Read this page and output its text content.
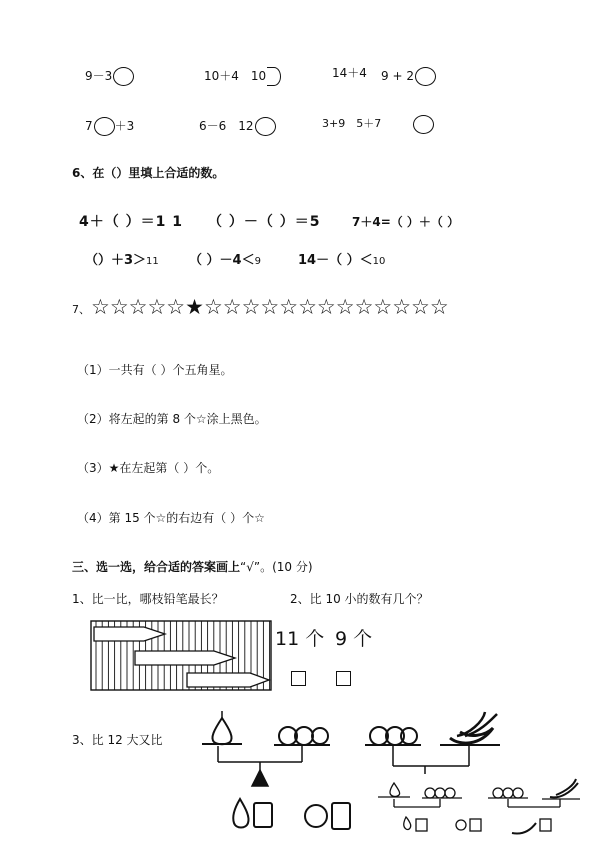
9－3	10＋4　10	14＋4 9 + 2
7 ＋3	6－6　12	3+9　5＋7
6、在（）里填上合适的数。
4＋（ ）＝1 1 （ ）－（ ）＝5	7＋4=（ ）＋（ ）
（）＋3＞11 （ ）－4＜9	14－（ ）＜10
7、 ☆☆☆☆☆★☆☆☆☆☆☆☆☆☆☆☆☆☆
（1）一共有（ ）个五角星。
（2）将左起的第 8 个☆涂上黑色。
（3）★在左起第（ ）个。
（4）第 15 个☆的右边有（ ）个☆
三、选一选，给合适的答案画上“√”。(10 分)
1、比一比，哪枝铅笔最长？	2、比 10 小的数有几个？
11 个 9 个
3、比 12 大又比
